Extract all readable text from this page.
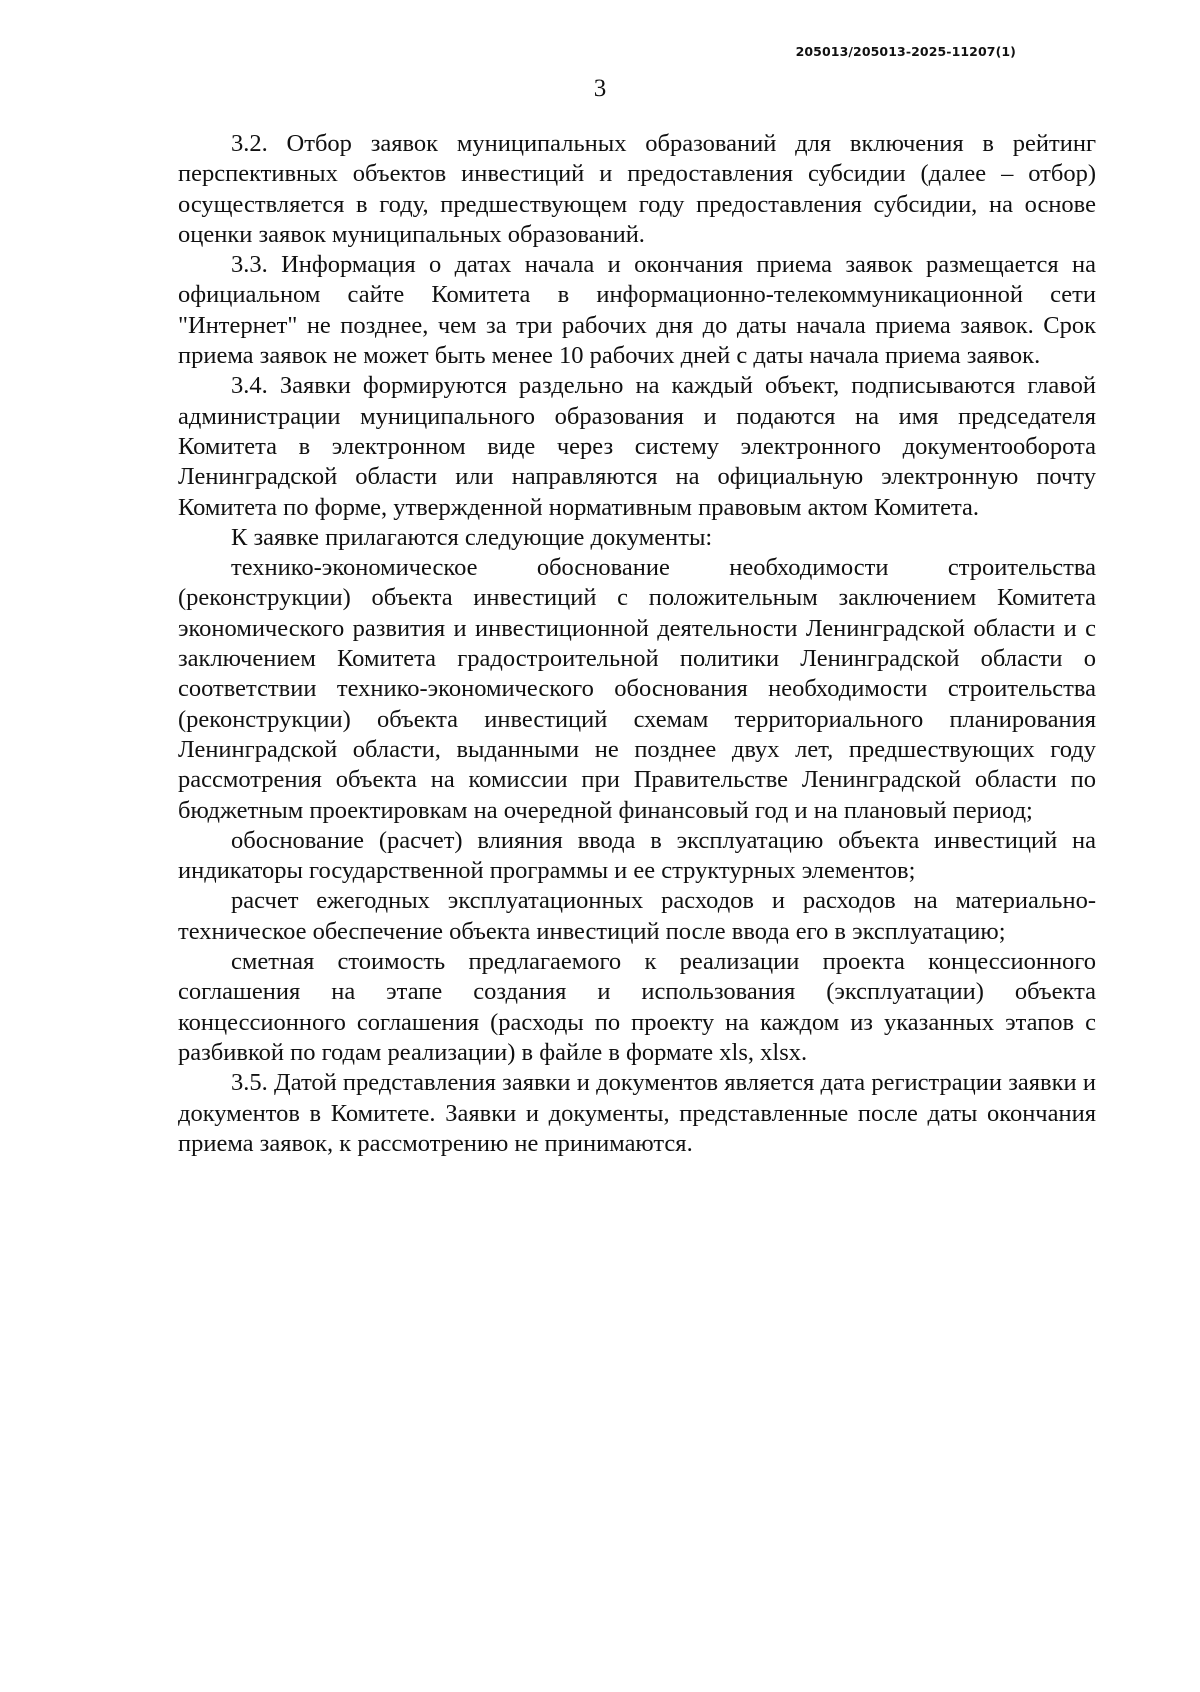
205013/205013-2025-11207(1)
3

3.2. Отбор заявок муниципальных образований для включения в рейтинг перспективных объектов инвестиций и предоставления субсидии (далее – отбор) осуществляется в году, предшествующем году предоставления субсидии, на основе оценки заявок муниципальных образований.

3.3. Информация о датах начала и окончания приема заявок размещается на официальном сайте Комитета в информационно-телекоммуникационной сети "Интернет" не позднее, чем за три рабочих дня до даты начала приема заявок. Срок приема заявок не может быть менее 10 рабочих дней с даты начала приема заявок.

3.4. Заявки формируются раздельно на каждый объект, подписываются главой администрации муниципального образования и подаются на имя председателя Комитета в электронном виде через систему электронного документооборота Ленинградской области или направляются на официальную электронную почту Комитета по форме, утвержденной нормативным правовым актом Комитета.

К заявке прилагаются следующие документы:

технико-экономическое обоснование необходимости строительства (реконструкции) объекта инвестиций с положительным заключением Комитета экономического развития и инвестиционной деятельности Ленинградской области и с заключением Комитета градостроительной политики Ленинградской области о соответствии технико-экономического обоснования необходимости строительства (реконструкции) объекта инвестиций схемам территориального планирования Ленинградской области, выданными не позднее двух лет, предшествующих году рассмотрения объекта на комиссии при Правительстве Ленинградской области по бюджетным проектировкам на очередной финансовый год и на плановый период;

обоснование (расчет) влияния ввода в эксплуатацию объекта инвестиций на индикаторы государственной программы и ее структурных элементов;

расчет ежегодных эксплуатационных расходов и расходов на материально-техническое обеспечение объекта инвестиций после ввода его в эксплуатацию;

сметная стоимость предлагаемого к реализации проекта концессионного соглашения на этапе создания и использования (эксплуатации) объекта концессионного соглашения (расходы по проекту на каждом из указанных этапов с разбивкой по годам реализации) в файле в формате xls, xlsx.

3.5. Датой представления заявки и документов является дата регистрации заявки и документов в Комитете. Заявки и документы, представленные после даты окончания приема заявок, к рассмотрению не принимаются.
